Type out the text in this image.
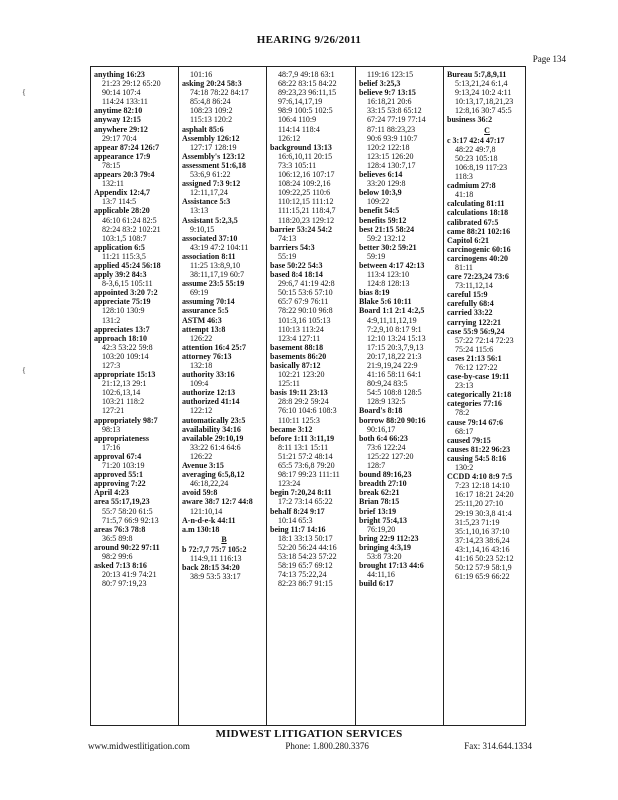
HEARING 9/26/2011
Page 134
{
{
anything 16:23
21:23 29:12 65:20
90:14 107:4
114:24 133:11
anytime 82:10
anyway 12:15
anywhere 29:12
29:17 70:4
appear 87:24 126:7
appearance 17:9
78:15
appears 20:3 79:4
132:11
Appendix 12:4,7
13:7 114:5
applicable 28:20
46:10 61:24 82:5
82:24 83:2 102:21
103:1,5 108:7
application 6:5
11:21 115:3,5
applied 45:24 56:18
apply 39:2 84:3
8-3,6,15 105:11
appointed 3:20 7:2
appreciate 75:19
128:10 130:9
131:2
appreciates 13:7
approach 18:10
42:3 53:22 59:8
103:20 109:14
127:3
appropriate 15:13
21:12,13 29:1
102:6,13,14
103:21 118:2
127:21
appropriately 98:7
98:13
appropriateness
17:16
approval 67:4
71:20 103:19
approved 55:1
approving 7:22
April 4:23
area 55:17,19,23
55:7 58:20 61:5
71:5,7 66:9 92:13
areas 76:3 78:8
36:5 89:8
around 90:22 97:11
98:2 99:6
asked 7:13 8:16
20:13 41:9 74:21
80:7 97:19,23
101:16
asking 20:24 58:3
74:18 78:22 84:17
85:4,8 86:24
108:23 109:2
115:13 120:2
asphalt 85:6
Assembly 126:12
127:17 128:19
Assembly's 123:12
assessment 51:6,18
53:6,9 61:22
assigned 7:3 9:12
12:11,17,24
Assistance 5:3
13:13
Assistant 5:2,3,5
9:10,15
associated 37:10
43:19 47:2 104:11
association 8:11
11:25 13:8,9,10
38:11,17,19 60:7
assume 23:5 55:19
69:19
assuming 70:14
assurance 5:5
ASTM 46:3
attempt 13:8
126:22
attention 16:4 25:7
attorney 76:13
132:18
authority 33:16
109:4
authorize 12:13
authorized 41:14
122:12
automatically 23:5
availability 34:16
available 29:10,19
33:22 61:4 64:6
126:22
Avenue 3:15
averaging 6:5,8,12
46:18,22,24
avoid 59:8
aware 38:7 12:7 44:8
121:10,14
A-n-d-e-k 44:11
a.m 130:18
B
b 72:7,7 75:7 105:2
114:9,11 116:13
back 28:15 34:20
38:9 53:5 33:17
48:7,9 49:18 63:1
68:22 83:15 84:22
89:23,23 96:11,15
97:6,14,17,19
98:9 100:5 102:5
106:4 110:9
114:14 118:4
126:12
background 13:13
16:6,10,11 20:15
73:3 105:11
106:12,16 107:17
108:24 109:2,16
109:22,25 110:6
110:12,15 111:12
111:15,21 118:4,7
118:20,23 129:12
barrier 53:24 54:2
74:13
barriers 54:3
55:19
base 50:22 54:3
based 8:4 18:14
29:6,7 41:19 42:8
50:15 53:6 57:10
65:7 67:9 76:11
78:22 90:10 96:8
101:3,16 105:13
110:13 113:24
123:4 127:11
basement 88:18
basements 86:20
basically 87:12
102:21 123:20
125:11
basis 19:11 23:13
28:8 29:2 59:24
76:10 104:6 108:3
110:11 125:3
became 3:12
before 1:11 3:11,19
8:11 13:1 15:11
51:21 57:2 48:14
65:5 73:6,8 79:20
98:17 99:23 111:11
123:24
begin 7:20,24 8:11
17:2 73:14 65:22
behalf 8:24 9:17
10:14 65:3
being 11:7 14:16
18:1 33:13 50:17
52:20 56:24 44:16
53:18 54:23 57:22
58:19 65:7 69:12
74:13 75:22,24
82:23 86:7 91:15
119:16 123:15
belief 3:25,3
believe 9:7 13:15
16:18,21 20:6
33:15 53:8 65:12
67:24 77:19 77:14
87:11 88:23,23
90:6 93:9 110:7
120:2 122:18
123:15 126:20
128:4 130:7,17
believes 6:14
33:20 129:8
below 10:3,9
109:22
benefit 54:5
benefits 59:12
best 21:15 58:24
59:2 132:12
better 30:2 59:21
59:19
between 4:17 42:13
113:4 123:10
124:8 128:13
bias 8:19
Blake 5:6 10:11
Board 1:1 2:1 4:2,5
4:9,11,11,12,19
7:2,9,10 8:17 9:1
12:10 13:24 15:13
17:15 20:3,7,9,13
20:17,18,22 21:3
21:9,19,24 22:9
41:16 58:11 64:1
80:9,24 83:5
54:5 108:8 128:5
128:9 132:5
Board's 8:18
borrow 88:20 90:16
90:16,17
both 6:4 66:23
73:6 122:24
125:22 127:20
128:7
bound 89:16,23
breadth 27:10
break 62:21
Brian 78:15
brief 13:19
bright 75:4,13
76:19,20
bring 22:9 112:23
bringing 4:3,19
53:8 73:20
brought 17:13 44:6
44:11,16
build 6:17
Bureau 5:7,8,9,11
5:13,21,24 6:1,4
9:13,24 10:2 4:11
10:13,17,18,21,23
12:8,16 30:7 45:5
business 36:2
C
c 3:17 42:4 47:17
48:22 49:7,8
50:23 105:18
106:8,19 117:23
118:3
cadmium 27:8
41:18
calculating 81:11
calculations 18:18
calibrated 67:5
came 88:21 102:16
Capitol 6:21
carcinogenic 60:16
carcinogens 40:20
81:11
care 72:23,24 73:6
73:11,12,14
careful 15:9
carefully 68:4
carried 33:22
carrying 122:21
case 55:9 56:9,24
57:22 72:14 72:23
75:24 115:6
cases 21:13 56:1
76:12 127:22
case-by-case 19:11
23:13
categorically 21:18
categories 77:16
78:2
cause 79:14 67:6
68:17
caused 79:15
causes 81:22 96:23
causing 54:5 8:16
130:2
CCDD 4:10 8:9 7:5
7:23 12:18 14:10
16:17 18:21 24:20
25:11,20 27:10
29:19 30:3,8 41:4
31:5,23 71:19
35:1,10,16 37:10
37:14,23 38:6,24
43:1,14,16 43:16
41:16 50:23 52:12
50:12 57:9 58:1,9
61:19 65:9 66:22
MIDWEST LITIGATION SERVICES
www.midwestlitigation.com	Phone: 1.800.280.3376	Fax: 314.644.1334
